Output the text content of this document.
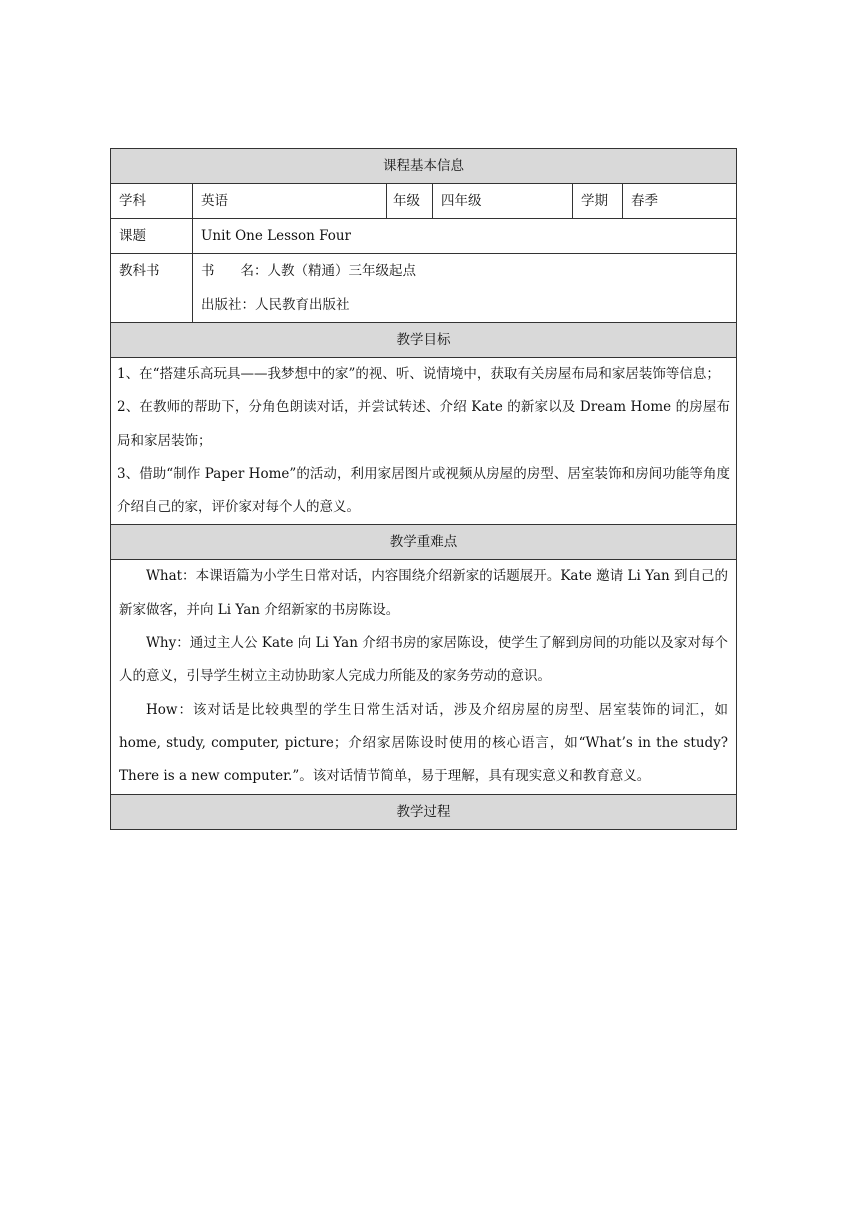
课程基本信息					
学科	英语	年级	四年级	学期	春季
课题	Unit One Lesson Four				

教科书	书 名：人教（精通）三年级起点
出版社：人民教育出版社				

教学目标					

1、在“搭建乐高玩具——我梦想中的家”的视、听、说情境中，获取有关房屋布局和家居装饰等信息；

2、在教师的帮助下，分角色朗读对话，并尝试转述、介绍 Kate 的新家以及 Dream Home 的房屋布局和家居装饰；

3、借助“制作 Paper Home”的活动，利用家居图片或视频从房屋的房型、居室装饰和房间功能等角度介绍自己的家，评价家对每个人的意义。					

教学重难点					

What：本课语篇为小学生日常对话，内容围绕介绍新家的话题展开。Kate 邀请 Li Yan 到自己的新家做客，并向 Li Yan 介绍新家的书房陈设。

Why：通过主人公 Kate 向 Li Yan 介绍书房的家居陈设，使学生了解到房间的功能以及家对每个人的意义，引导学生树立主动协助家人完成力所能及的家务劳动的意识。

How：该对话是比较典型的学生日常生活对话，涉及介绍房屋的房型、居室装饰的词汇，如 home, study, computer, picture；介绍家居陈设时使用的核心语言，如“What’s in the study? There is a new computer.”。该对话情节简单，易于理解，具有现实意义和教育意义。					

教学过程					
